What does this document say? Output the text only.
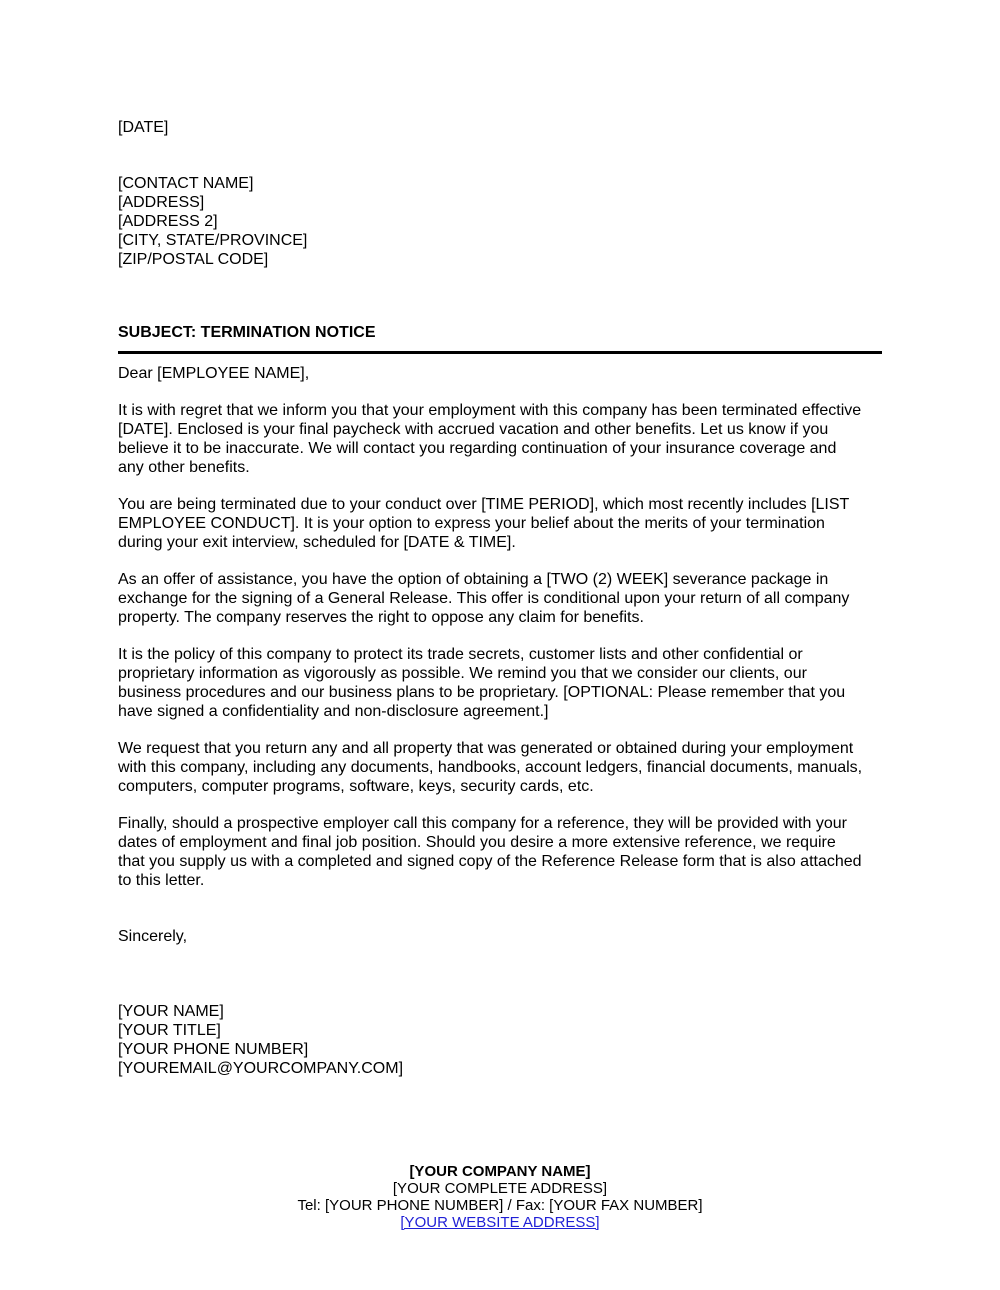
[DATE]
[CONTACT NAME]
[ADDRESS]
[ADDRESS 2]
[CITY, STATE/PROVINCE]
[ZIP/POSTAL CODE]
SUBJECT: TERMINATION NOTICE
Dear [EMPLOYEE NAME],
It is with regret that we inform you that your employment with this company has been terminated effective
[DATE]. Enclosed is your final paycheck with accrued vacation and other benefits. Let us know if you
believe it to be inaccurate. We will contact you regarding continuation of your insurance coverage and
any other benefits.
You are being terminated due to your conduct over [TIME PERIOD], which most recently includes [LIST
EMPLOYEE CONDUCT]. It is your option to express your belief about the merits of your termination
during your exit interview, scheduled for [DATE & TIME].
As an offer of assistance, you have the option of obtaining a [TWO (2) WEEK] severance package in
exchange for the signing of a General Release. This offer is conditional upon your return of all company
property. The company reserves the right to oppose any claim for benefits.
It is the policy of this company to protect its trade secrets, customer lists and other confidential or
proprietary information as vigorously as possible. We remind you that we consider our clients, our
business procedures and our business plans to be proprietary. [OPTIONAL: Please remember that you
have signed a confidentiality and non-disclosure agreement.]
We request that you return any and all property that was generated or obtained during your employment
with this company, including any documents, handbooks, account ledgers, financial documents, manuals,
computers, computer programs, software, keys, security cards, etc.
Finally, should a prospective employer call this company for a reference, they will be provided with your
dates of employment and final job position. Should you desire a more extensive reference, we require
that you supply us with a completed and signed copy of the Reference Release form that is also attached
to this letter.
Sincerely,
[YOUR NAME]
[YOUR TITLE]
[YOUR PHONE NUMBER]
[YOUREMAIL@YOURCOMPANY.COM]
[YOUR COMPANY NAME]
[YOUR COMPLETE ADDRESS]
Tel: [YOUR PHONE NUMBER] / Fax: [YOUR FAX NUMBER]
[YOUR WEBSITE ADDRESS]
